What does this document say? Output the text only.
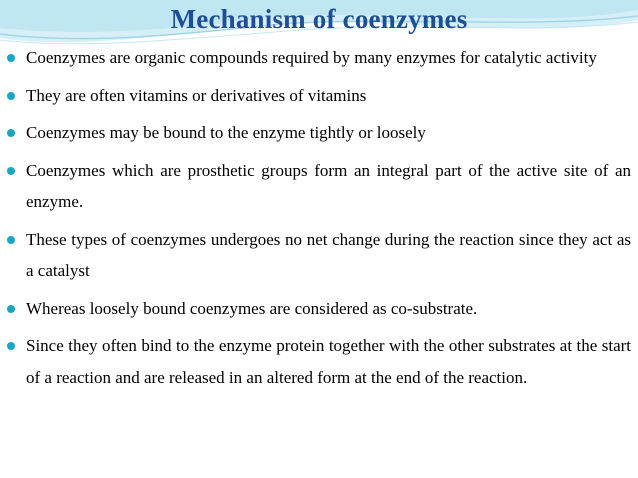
Mechanism of coenzymes
Coenzymes are organic compounds required by many enzymes for catalytic activity
They are often vitamins or derivatives of vitamins
Coenzymes may be bound to the enzyme tightly or loosely
Coenzymes which are prosthetic groups form an integral part of the active site of an enzyme.
These types of coenzymes undergoes no net change during the reaction since they act as a catalyst
Whereas loosely bound coenzymes are considered as co-substrate.
Since they often bind to the enzyme protein together with the other substrates at the start of a reaction and are released in an altered form at the end of the reaction.
